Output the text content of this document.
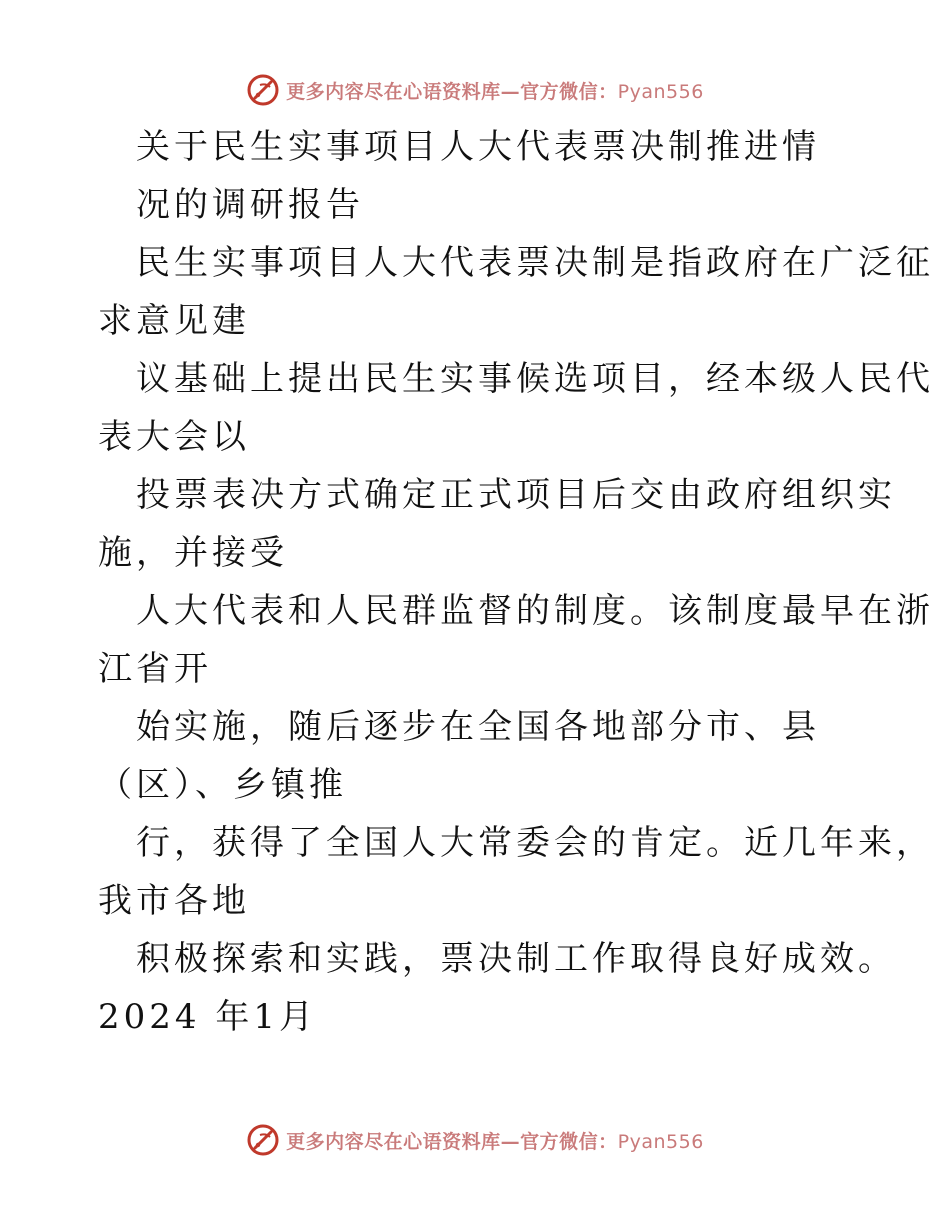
更多内容尽在心语资料库—官方微信：Pyan556
关于民生实事项目人大代表票决制推进情
况的调研报告
民生实事项目人大代表票决制是指政府在广泛征
求意见建
议基础上提出民生实事候选项目，经本级人民代
表大会以
投票表决方式确定正式项目后交由政府组织实
施，并接受
人大代表和人民群监督的制度。该制度最早在浙
江省开
始实施，随后逐步在全国各地部分市、县
（区）、乡镇推
行，获得了全国人大常委会的肯定。近几年来，
我市各地
积极探索和实践，票决制工作取得良好成效。
2024 年1月
更多内容尽在心语资料库—官方微信：Pyan556
